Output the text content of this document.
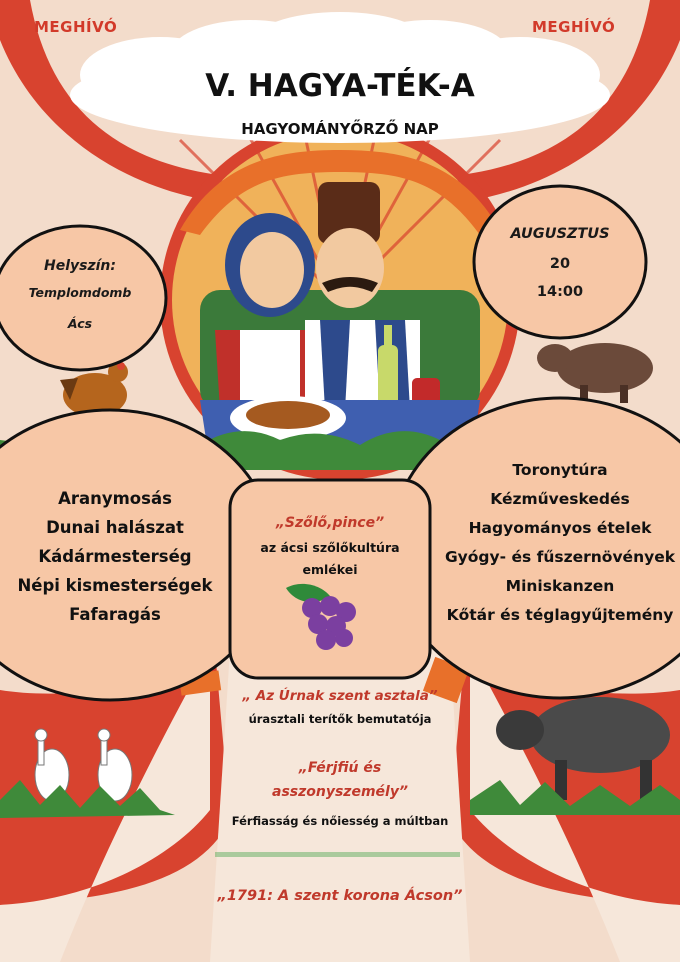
MEGHÍVÓ	MEGHÍVÓ
V. HAGYA-TÉK-A
HAGYOMÁNYŐRZŐ NAP
Helyszín:
Templomdomb
Ács
AUGUSZTUS
20
14:00
Aranymosás
Dunai halászat
Kádármesterség
Népi kismesterségek
Fafaragás
Toronytúra
Kézművesked​és
Hagyományos ételek
Gyógy- és fűszernövények
Miniskanzen
Kőtár és téglagyűjtemény
„Szőlő,pince”
az ácsi szőlőkultúra
emlékei
„ Az Úrnak szent asztala”
úrasztali terítők bemutatója
„Férjfiú és
asszonyszemély”
Férfiasság és nőiesség a múltban
„1791: A szent korona Ácson”
